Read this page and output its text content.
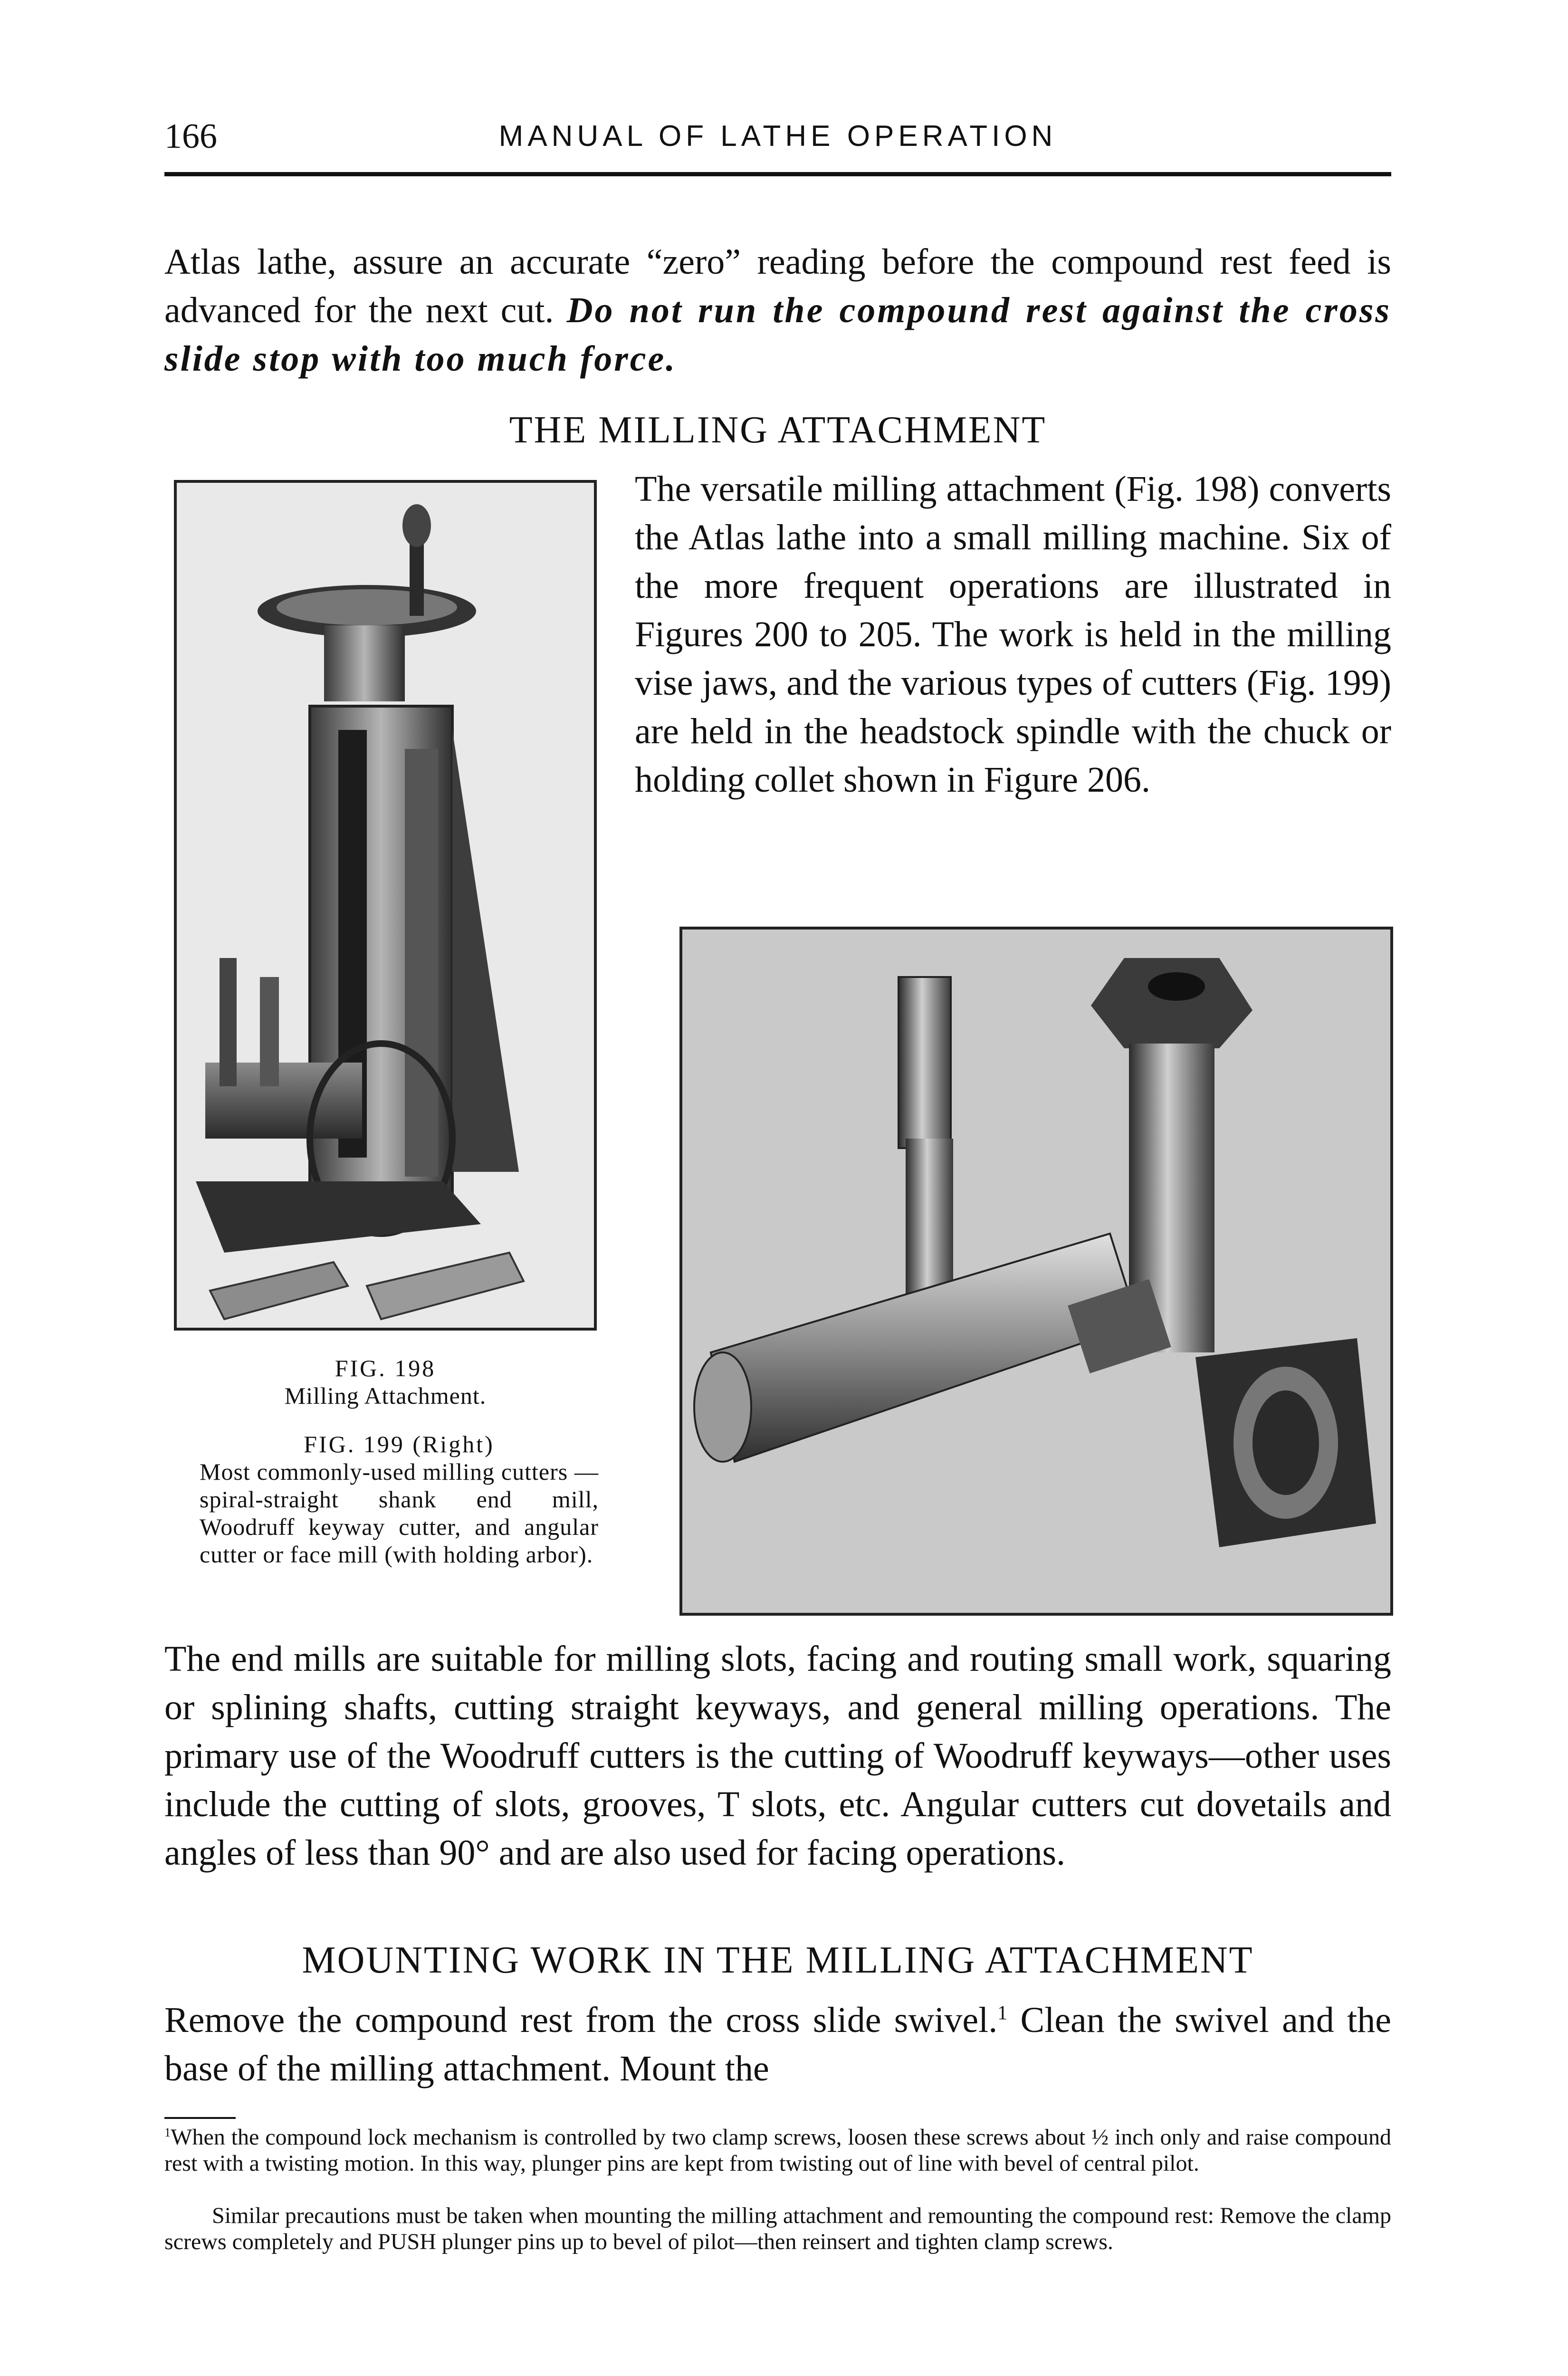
166	MANUAL OF LATHE OPERATION

Atlas lathe, assure an accurate “zero” reading before the compound rest feed is advanced for the next cut. Do not run the compound rest against the cross slide stop with too much force.

THE MILLING ATTACHMENT

The versatile milling attachment (Fig. 198) converts the Atlas lathe into a small milling machine. Six of the more frequent operations are illustrated in Figures 200 to 205. The work is held in the milling vise jaws, and the various types of cutters (Fig. 199) are held in the headstock spindle with the chuck or holding collet shown in Figure 206.

FIG. 198
Milling Attachment.
FIG. 199 (Right)
Most commonly-used milling cutters — spiral-straight shank end mill, Woodruff keyway cutter, and angular cutter or face mill (with holding arbor).

The end mills are suitable for milling slots, facing and routing small work, squaring or splining shafts, cutting straight keyways, and general milling operations. The primary use of the Woodruff cutters is the cutting of Woodruff keyways—other uses include the cutting of slots, grooves, T slots, etc. Angular cutters cut dovetails and angles of less than 90° and are also used for facing operations.

MOUNTING WORK IN THE MILLING ATTACHMENT

Remove the compound rest from the cross slide swivel.$^1$ Clean the swivel and the base of the milling attachment. Mount the

$^1$When the compound lock mechanism is controlled by two clamp screws, loosen these screws about ½ inch only and raise compound rest with a twisting motion. In this way, plunger pins are kept from twisting out of line with bevel of central pilot.

Similar precautions must be taken when mounting the milling attachment and remounting the compound rest: Remove the clamp screws completely and PUSH plunger pins up to bevel of pilot—then reinsert and tighten clamp screws.
